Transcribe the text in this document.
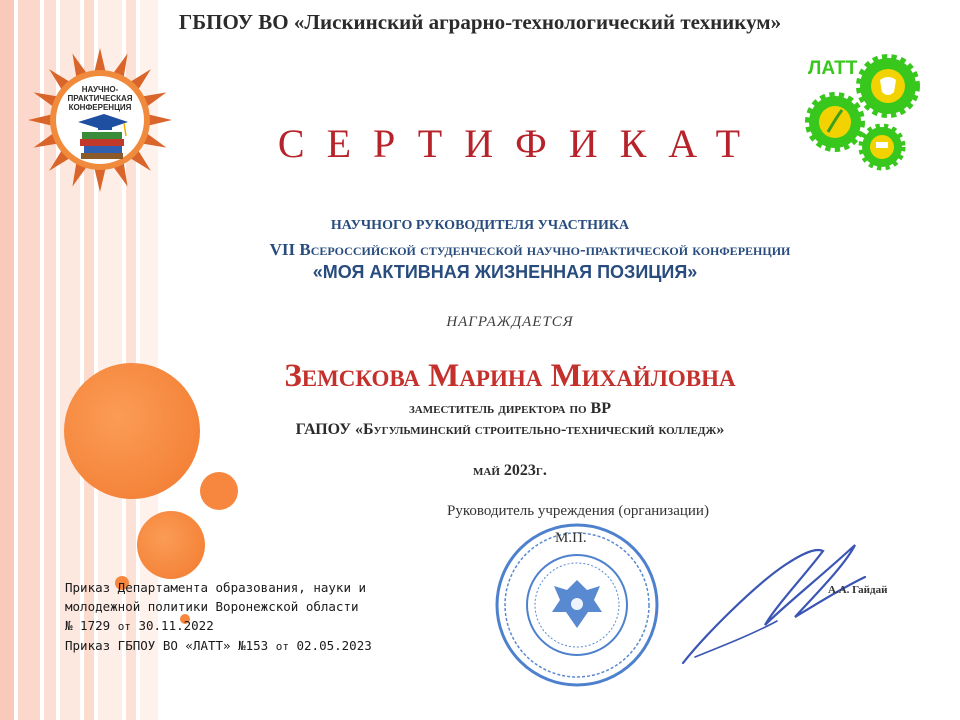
ГБПОУ ВО «Лискинский аграрно-технологический техникум»
НАУЧНО-
ПРАКТИЧЕСКАЯ
КОНФЕРЕНЦИЯ
ЛАТТ
СЕРТИФИКАТ
НАУЧНОГО РУКОВОДИТЕЛЯ УЧАСТНИКА
VII Всероссийской студенческой научно-практической конференции
«МОЯ АКТИВНАЯ ЖИЗНЕННАЯ ПОЗИЦИЯ»
НАГРАЖДАЕТСЯ
Земскова Марина Михайловна
заместитель директора по ВР
ГАПОУ «Бугульминский строительно-технический колледж»
май 2023г.
Руководитель учреждения (организации)
М.П.
А.А. Гайдай
Приказ Департамента образования, науки и
молодежной политики Воронежской области
№ 1729 от 30.11.2022
Приказ ГБПОУ ВО «ЛАТТ» №153 от 02.05.2023
